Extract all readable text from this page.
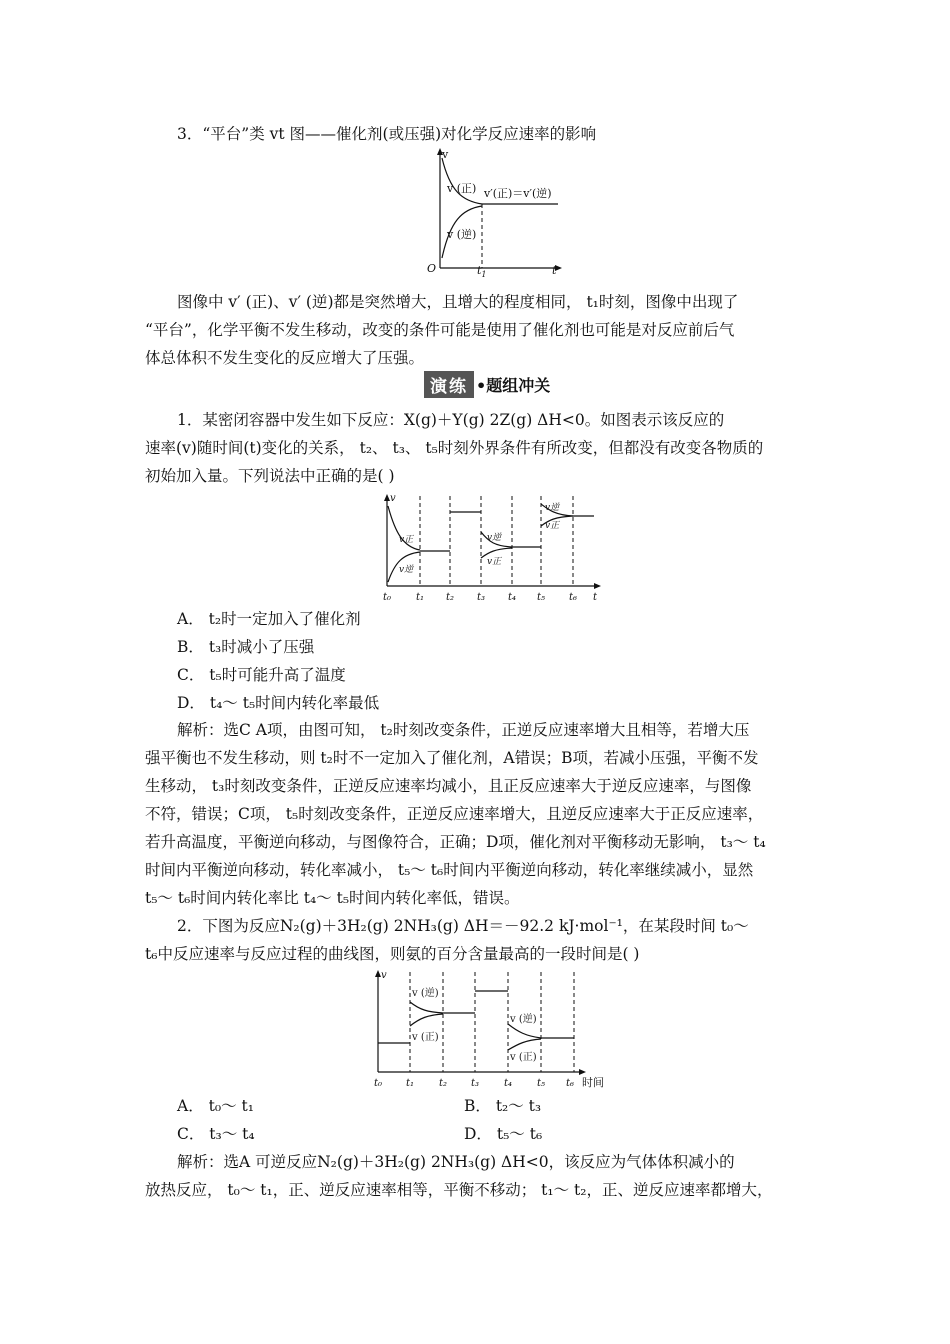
3．“平台”类 vt 图——催化剂(或压强)对化学反应速率的影响
v
O	$t_1$	t
v (正)
v (逆)
v′(正)＝v′(逆)
图像中 v′ (正)、v′ (逆)都是突然增大，且增大的程度相同， t₁时刻，图像中出现了
“平台”，化学平衡不发生移动，改变的条件可能是使用了催化剂也可能是对反应前后气
体总体积不发生变化的反应增大了压强。
演练 •题组冲关
1．某密闭容器中发生如下反应：X(g)＋Y(g) 2Z(g) ΔH<0。如图表示该反应的
速率(v)随时间(t)变化的关系， t₂、 t₃、 t₅时刻外界条件有所改变，但都没有改变各物质的
初始加入量。下列说法中正确的是( )
v
t
v正
v逆
v逆
v正
v逆
v正
t₀ t₁ t₂ t₃ t₄ t₅ t₆
A． t₂时一定加入了催化剂
B． t₃时减小了压强
C． t₅时可能升高了温度
D． t₄～ t₅时间内转化率最低
解析：选C A项，由图可知， t₂时刻改变条件，正逆反应速率增大且相等，若增大压
强平衡也不发生移动，则 t₂时不一定加入了催化剂，A错误；B项，若减小压强，平衡不发
生移动， t₃时刻改变条件，正逆反应速率均减小，且正反应速率大于逆反应速率，与图像
不符，错误；C项， t₅时刻改变条件，正逆反应速率增大，且逆反应速率大于正反应速率，
若升高温度，平衡逆向移动，与图像符合，正确；D项，催化剂对平衡移动无影响， t₃～ t₄
时间内平衡逆向移动，转化率减小， t₅～ t₆时间内平衡逆向移动，转化率继续减小，显然
t₅～ t₆时间内转化率比 t₄～ t₅时间内转化率低，错误。
2．下图为反应N₂(g)＋3H₂(g) 2NH₃(g) ΔH＝－92.2 kJ·mol⁻¹，在某段时间 t₀～
t₆中反应速率与反应过程的曲线图，则氨的百分含量最高的一段时间是( )
v
时间
v (逆)
v (正)
v (逆)
v (正)
t₀ t₁ t₂ t₃ t₄ t₅ t₆
A． t₀～ t₁	B． t₂～ t₃
C． t₃～ t₄	D． t₅～ t₆
解析：选A 可逆反应N₂(g)＋3H₂(g) 2NH₃(g) ΔH<0，该反应为气体体积减小的
放热反应， t₀～ t₁，正、逆反应速率相等，平衡不移动； t₁～ t₂，正、逆反应速率都增大，
